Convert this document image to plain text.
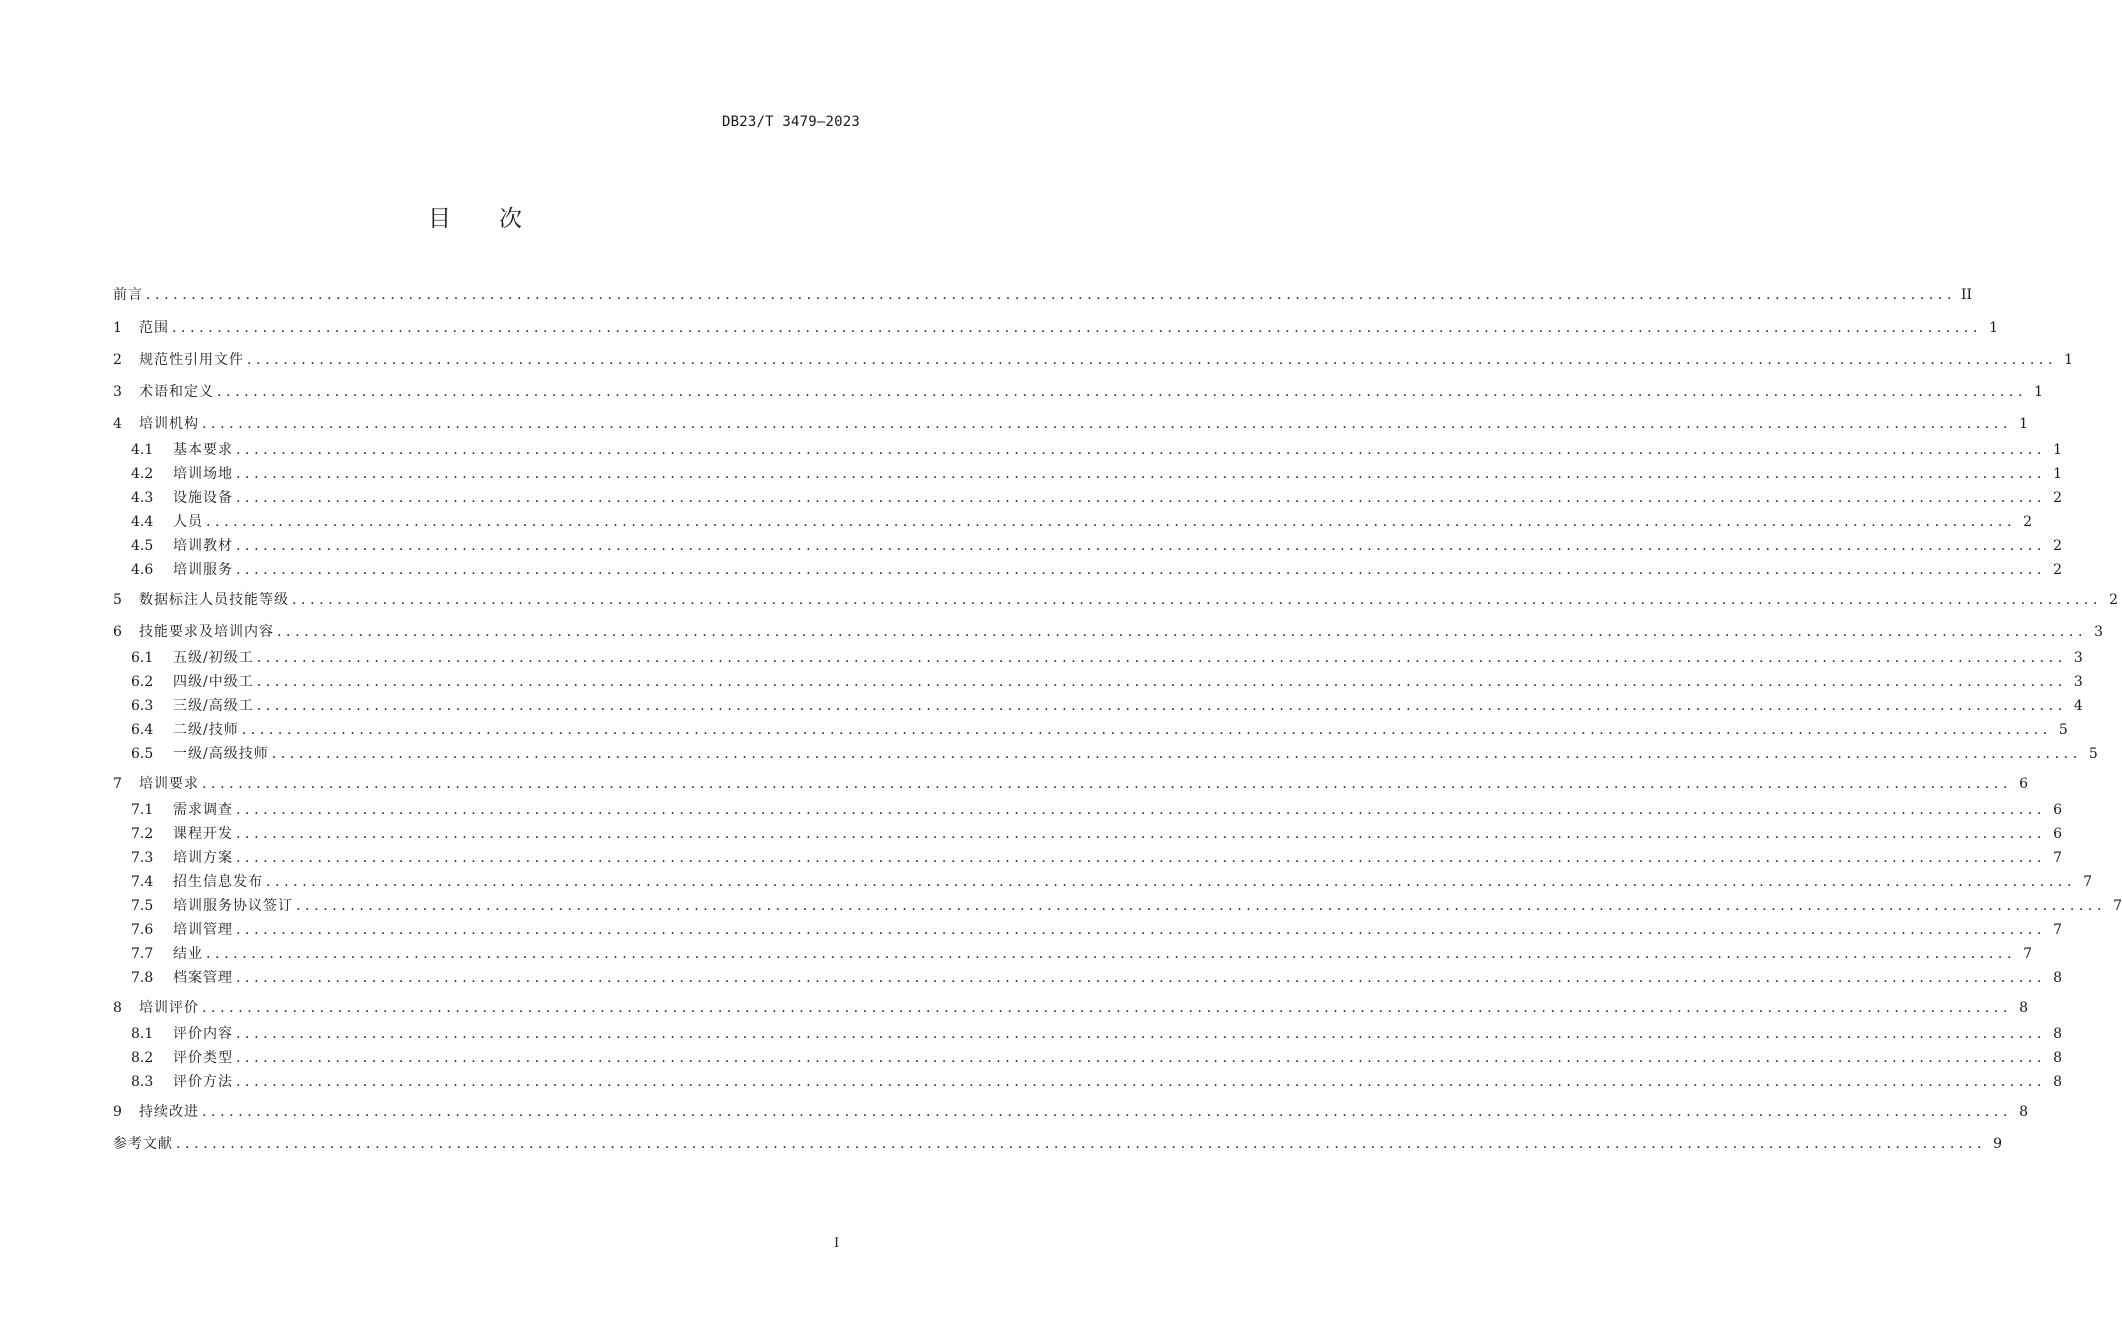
DB23/T 3479—2023
目次
前言 ........................................................................................................................................................................................................ II
1	范围 ........................................................................................................................................................................................................ 1
2	规范性引用文件 ........................................................................................................................................................................................................ 1
3	术语和定义 ........................................................................................................................................................................................................ 1
4	培训机构 ........................................................................................................................................................................................................ 1
4.1	基本要求 ........................................................................................................................................................................................................ 1
4.2	培训场地 ........................................................................................................................................................................................................ 1
4.3	设施设备 ........................................................................................................................................................................................................ 2
4.4	人员 ........................................................................................................................................................................................................ 2
4.5	培训教材 ........................................................................................................................................................................................................ 2
4.6	培训服务 ........................................................................................................................................................................................................ 2
5	数据标注人员技能等级 ........................................................................................................................................................................................................ 2
6	技能要求及培训内容 ........................................................................................................................................................................................................ 3
6.1	五级/初级工 ........................................................................................................................................................................................................ 3
6.2	四级/中级工 ........................................................................................................................................................................................................ 3
6.3	三级/高级工 ........................................................................................................................................................................................................ 4
6.4	二级/技师 ........................................................................................................................................................................................................ 5
6.5	一级/高级技师 ........................................................................................................................................................................................................ 5
7	培训要求 ........................................................................................................................................................................................................ 6
7.1	需求调查 ........................................................................................................................................................................................................ 6
7.2	课程开发 ........................................................................................................................................................................................................ 6
7.3	培训方案 ........................................................................................................................................................................................................ 7
7.4	招生信息发布 ........................................................................................................................................................................................................ 7
7.5	培训服务协议签订 ........................................................................................................................................................................................................ 7
7.6	培训管理 ........................................................................................................................................................................................................ 7
7.7	结业 ........................................................................................................................................................................................................ 7
7.8	档案管理 ........................................................................................................................................................................................................ 8
8	培训评价 ........................................................................................................................................................................................................ 8
8.1	评价内容 ........................................................................................................................................................................................................ 8
8.2	评价类型 ........................................................................................................................................................................................................ 8
8.3	评价方法 ........................................................................................................................................................................................................ 8
9	持续改进 ........................................................................................................................................................................................................ 8
参考文献 ........................................................................................................................................................................................................ 9
I
